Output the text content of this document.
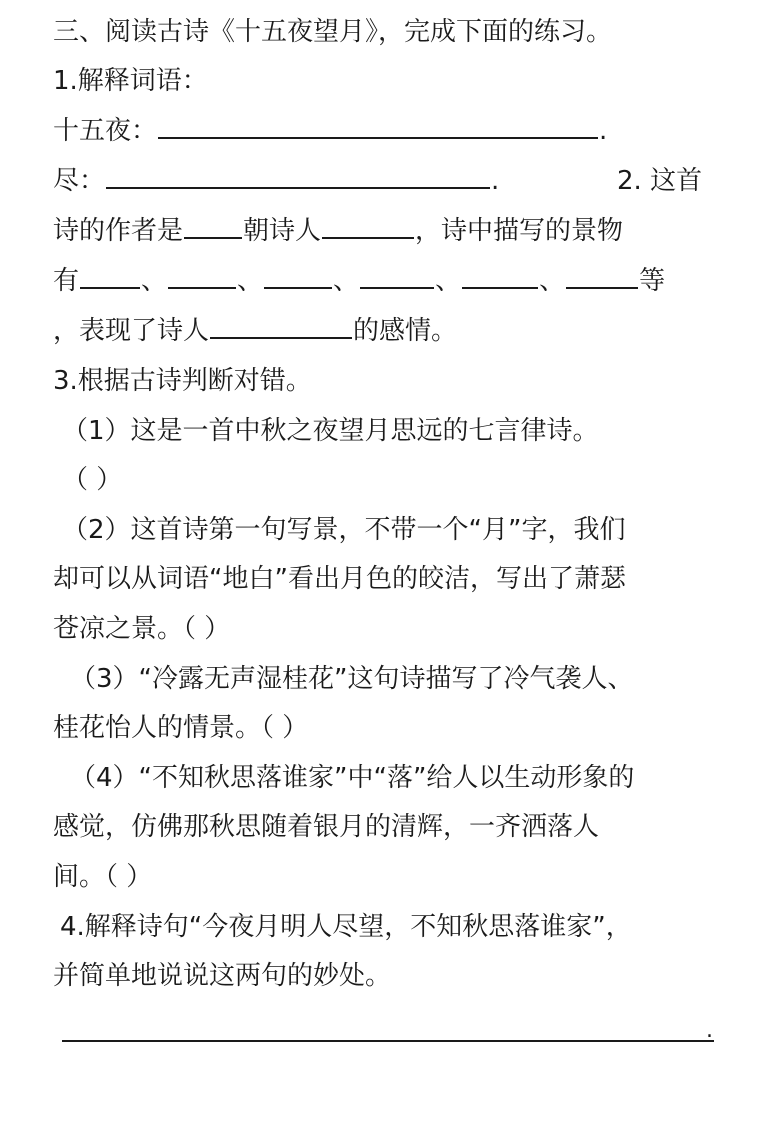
三、阅读古诗《十五夜望月》，完成下面的练习。
1.解释词语：
十五夜：	.
尽：	.	2. 这首
诗的作者是 朝诗人	，诗中描写的景物
有 、	、	、	、	、	等
，表现了诗人	的感情。
3.根据古诗判断对错。
（1）这是一首中秋之夜望月思远的七言律诗。
（ ）
（2）这首诗第一句写景，不带一个“月”字，我们
却可以从词语“地白”看出月色的皎洁，写出了萧瑟
苍凉之景。（ ）
（3）“冷露无声湿桂花”这句诗描写了冷气袭人、
桂花怡人的情景。（ ）
（4）“不知秋思落谁家”中“落”给人以生动形象的
感觉，仿佛那秋思随着银月的清辉，一齐洒落人
间。（ ）
4.解释诗句“今夜月明人尽望，不知秋思落谁家”，
并简单地说说这两句的妙处。
.
